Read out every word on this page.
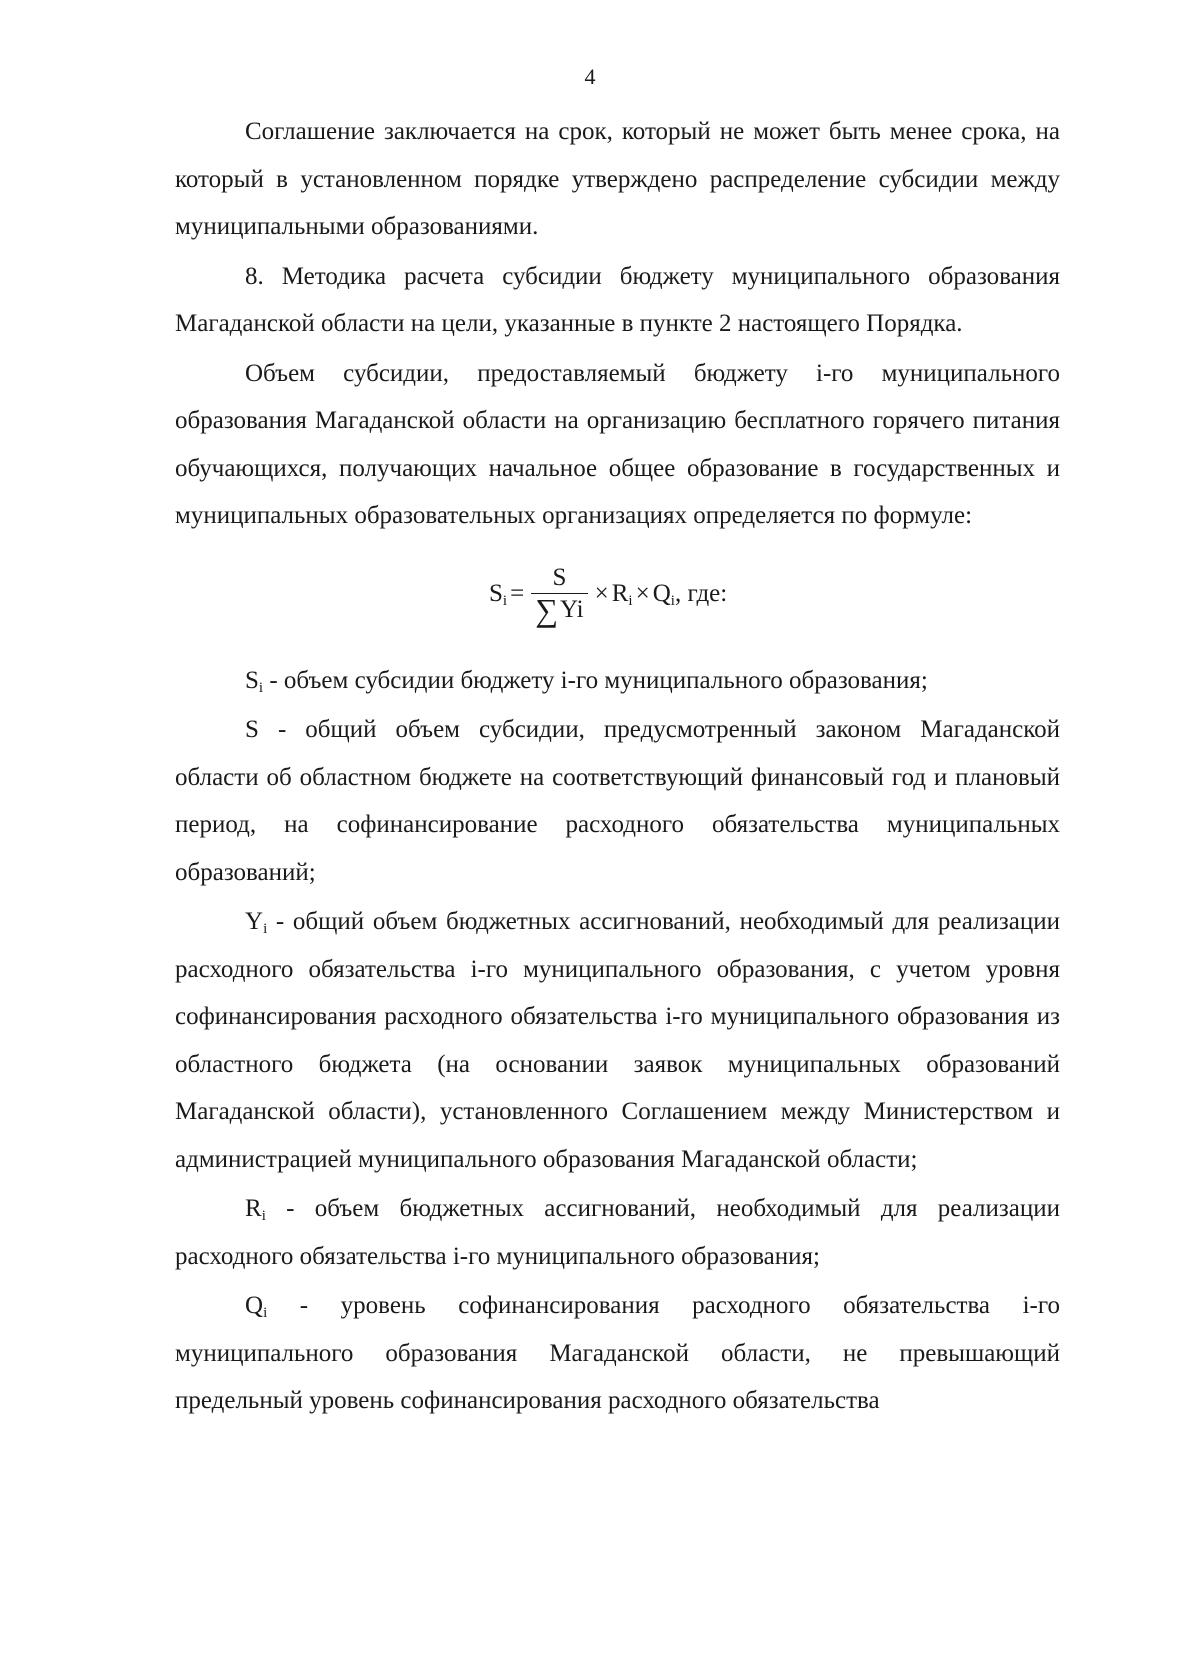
4

Соглашение заключается на срок, который не может быть менее срока, на который в установленном порядке утверждено распределение субсидии между муниципальными образованиями.

8. Методика расчета субсидии бюджету муниципального образования Магаданской области на цели, указанные в пункте 2 настоящего Порядка.

Объем субсидии, предоставляемый бюджету i-го муниципального образования Магаданской области на организацию бесплатного горячего питания обучающихся, получающих начальное общее образование в государственных и муниципальных образовательных организациях определяется по формуле:

$S_i = \frac{S}{\sum Yi} \times R_i \times Q_i$ , где:

$S_i$ - объем субсидии бюджету i-го муниципального образования;

S - общий объем субсидии, предусмотренный законом Магаданской области об областном бюджете на соответствующий финансовый год и плановый период, на софинансирование расходного обязательства муниципальных образований;

$Y_i$ - общий объем бюджетных ассигнований, необходимый для реализации расходного обязательства i-го муниципального образования, с учетом уровня софинансирования расходного обязательства i-го муниципального образования из областного бюджета (на основании заявок муниципальных образований Магаданской области), установленного Соглашением между Министерством и администрацией муниципального образования Магаданской области;

$R_i$ - объем бюджетных ассигнований, необходимый для реализации расходного обязательства i-го муниципального образования;

$Q_i$ - уровень софинансирования расходного обязательства i-го муниципального образования Магаданской области, не превышающий предельный уровень софинансирования расходного обязательства
